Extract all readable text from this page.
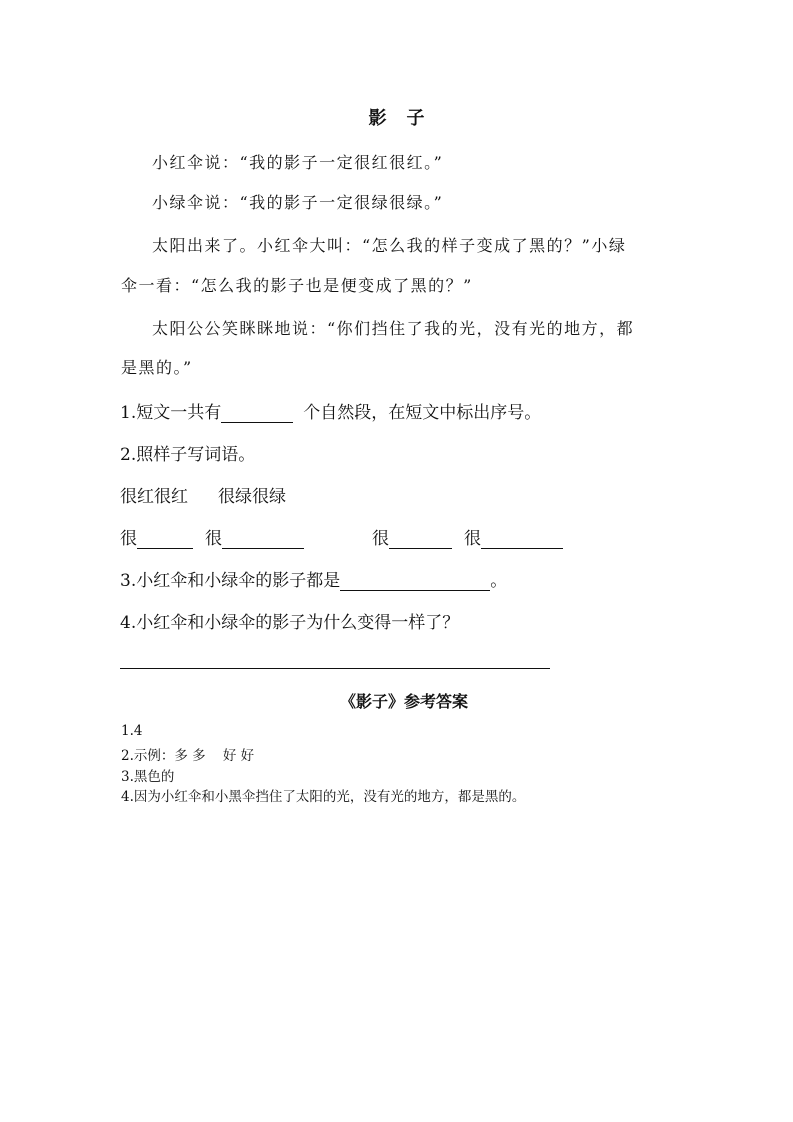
影子
小红伞说：“我的影子一定很红很红。”
小绿伞说：“我的影子一定很绿很绿。”
太阳出来了。小红伞大叫：“怎么我的样子变成了黑的？”小绿
伞一看：“怎么我的影子也是便变成了黑的？”
太阳公公笑眯眯地说：“你们挡住了我的光，没有光的地方，都
是黑的。”
1.短文一共有	个自然段，在短文中标出序号。
2.照样子写词语。
很红很红 很绿很绿
很	很	很	很
3.小红伞和小绿伞的影子都是	。
4.小红伞和小绿伞的影子为什么变得一样了？
《影子》参考答案
1.4
2.示例：多 多    好 好
3.黑色的
4.因为小红伞和小黑伞挡住了太阳的光，没有光的地方，都是黑的。
